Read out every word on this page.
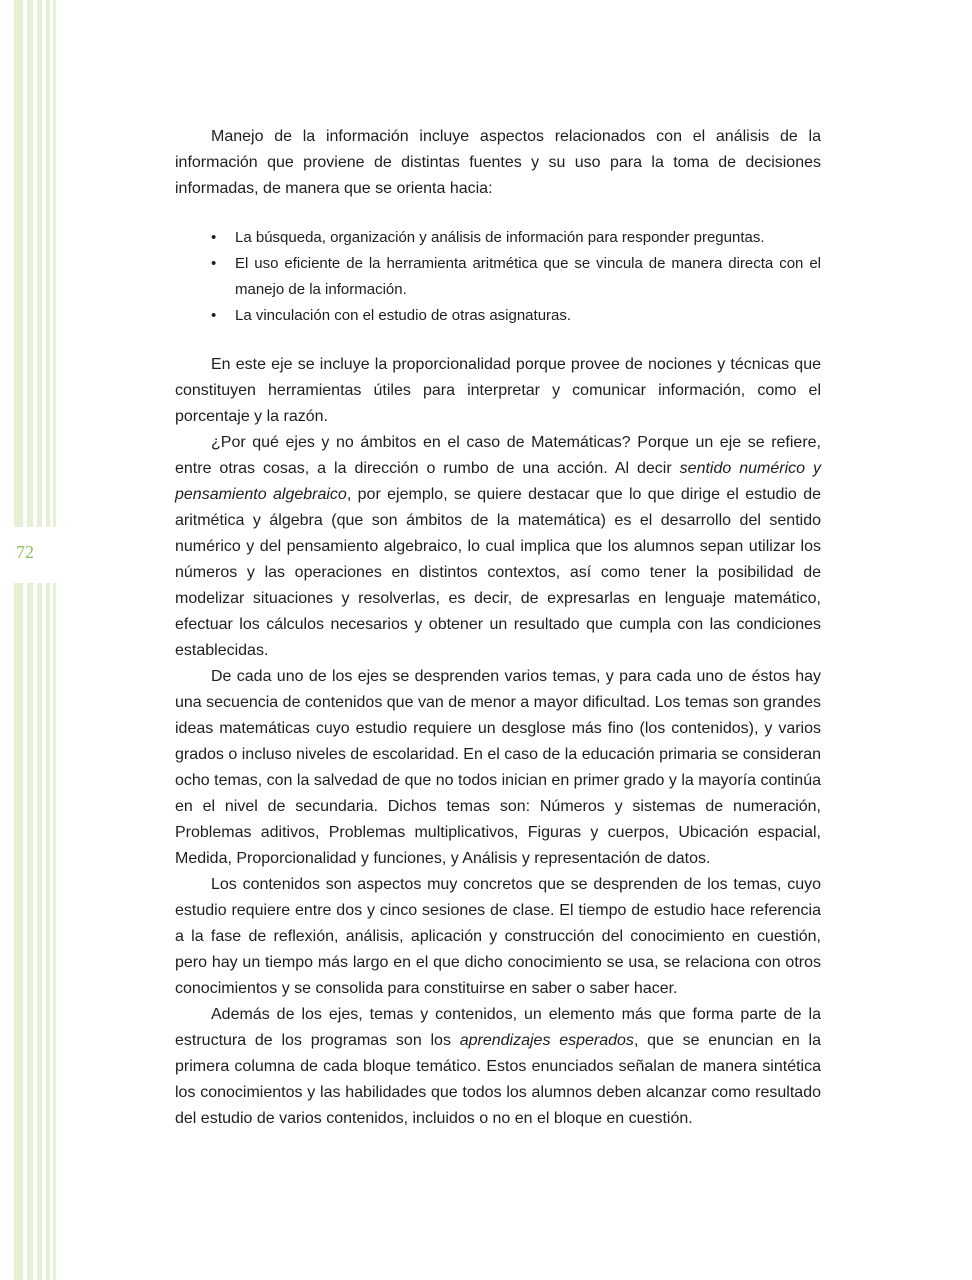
72

Manejo de la información incluye aspectos relacionados con el análisis de la información que proviene de distintas fuentes y su uso para la toma de decisiones informadas, de manera que se orienta hacia:

• La búsqueda, organización y análisis de información para responder preguntas.
• El uso eficiente de la herramienta aritmética que se vincula de manera directa con el manejo de la información.
• La vinculación con el estudio de otras asignaturas.

En este eje se incluye la proporcionalidad porque provee de nociones y técnicas que constituyen herramientas útiles para interpretar y comunicar información, como el porcentaje y la razón.

¿Por qué ejes y no ámbitos en el caso de Matemáticas? Porque un eje se refiere, entre otras cosas, a la dirección o rumbo de una acción. Al decir sentido numérico y pensamiento algebraico, por ejemplo, se quiere destacar que lo que dirige el estudio de aritmética y álgebra (que son ámbitos de la matemática) es el desarrollo del sentido numérico y del pensamiento algebraico, lo cual implica que los alumnos sepan utilizar los números y las operaciones en distintos contextos, así como tener la posibilidad de modelizar situaciones y resolverlas, es decir, de expresarlas en lenguaje matemático, efectuar los cálculos necesarios y obtener un resultado que cumpla con las condiciones establecidas.

De cada uno de los ejes se desprenden varios temas, y para cada uno de éstos hay una secuencia de contenidos que van de menor a mayor dificultad. Los temas son grandes ideas matemáticas cuyo estudio requiere un desglose más fino (los contenidos), y varios grados o incluso niveles de escolaridad. En el caso de la educación primaria se consideran ocho temas, con la salvedad de que no todos inician en primer grado y la mayoría continúa en el nivel de secundaria. Dichos temas son: Números y sistemas de numeración, Problemas aditivos, Problemas multiplicativos, Figuras y cuerpos, Ubicación espacial, Medida, Proporcionalidad y funciones, y Análisis y representación de datos.

Los contenidos son aspectos muy concretos que se desprenden de los temas, cuyo estudio requiere entre dos y cinco sesiones de clase. El tiempo de estudio hace referencia a la fase de reflexión, análisis, aplicación y construcción del conocimiento en cuestión, pero hay un tiempo más largo en el que dicho conocimiento se usa, se relaciona con otros conocimientos y se consolida para constituirse en saber o saber hacer.

Además de los ejes, temas y contenidos, un elemento más que forma parte de la estructura de los programas son los aprendizajes esperados, que se enuncian en la primera columna de cada bloque temático. Estos enunciados señalan de manera sintética los conocimientos y las habilidades que todos los alumnos deben alcanzar como resultado del estudio de varios contenidos, incluidos o no en el bloque en cuestión.
